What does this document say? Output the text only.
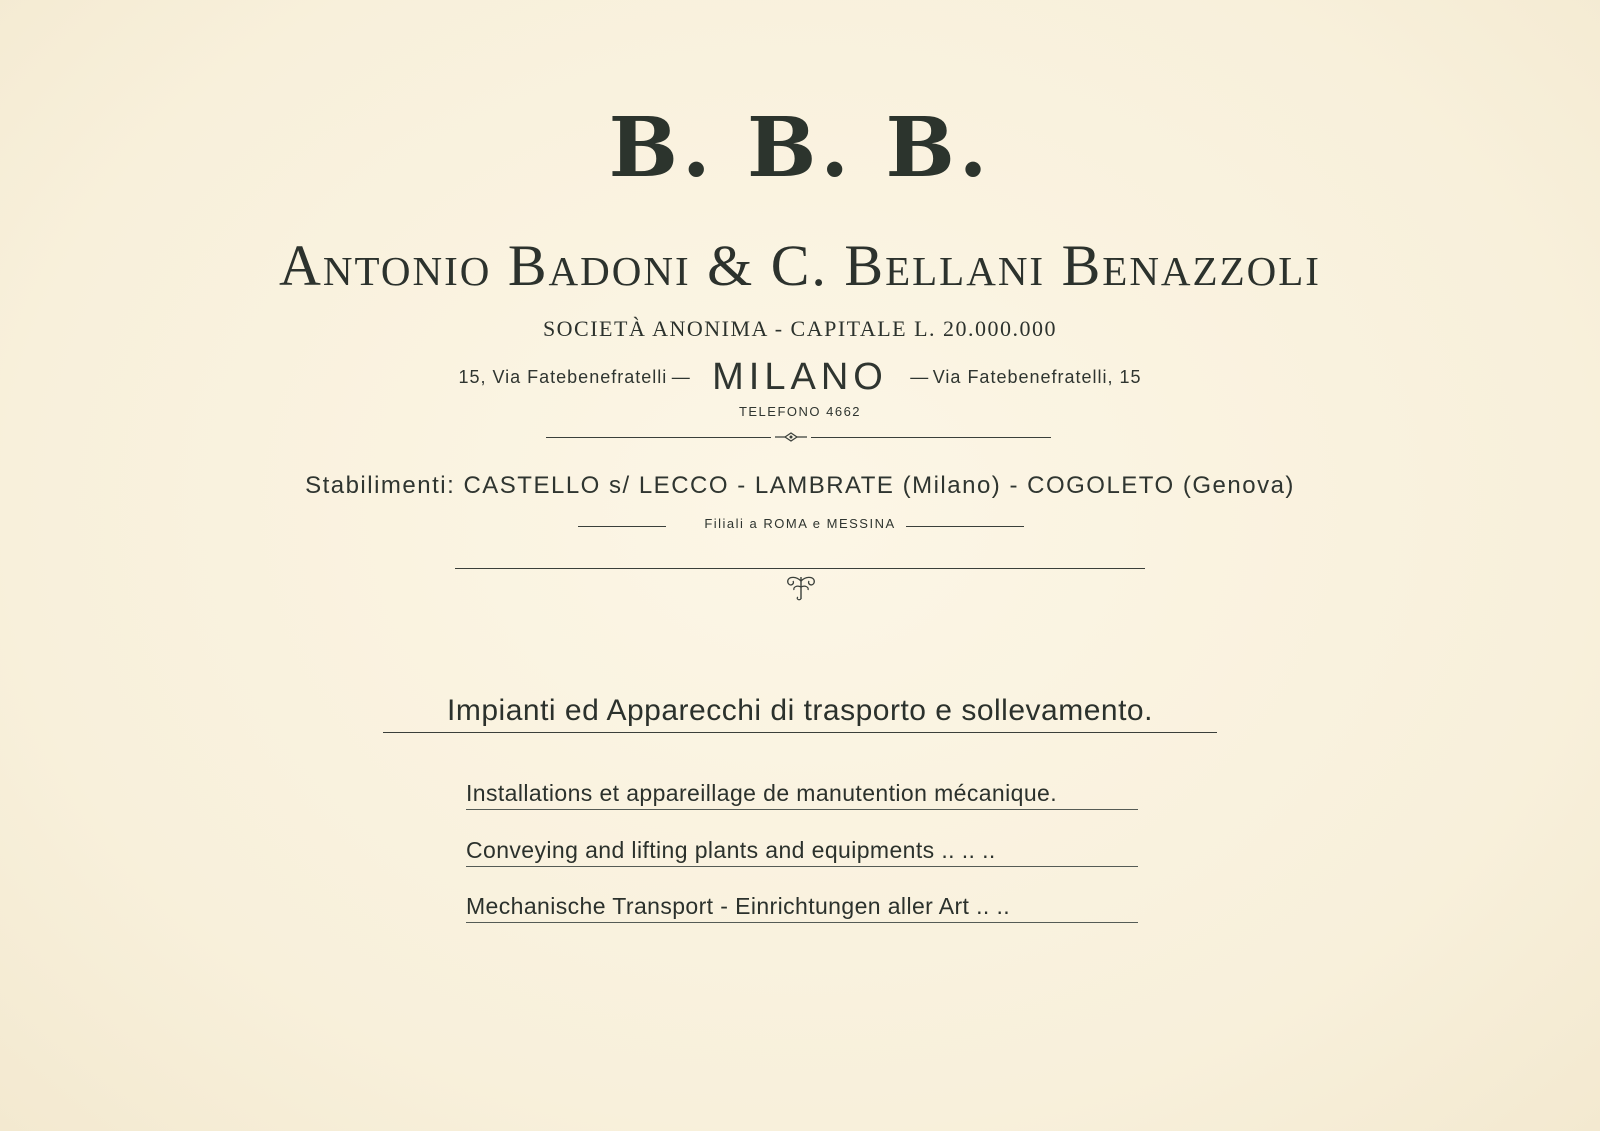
B. B. B.
Antonio Badoni & C. Bellani Benazzoli
SOCIETÀ ANONIMA - CAPITALE L. 20.000.000
15, Via Fatebenefratelli — MILANO — Via Fatebenefratelli, 15
TELEFONO 4662
Stabilimenti: CASTELLO s/ LECCO - LAMBRATE (Milano) - COGOLETO (Genova)
Filiali a ROMA e MESSINA
Impianti ed Apparecchi di trasporto e sollevamento.
Installations et appareillage de manutention mécanique.
Conveying and lifting plants and equipments .. .. ..
Mechanische Transport - Einrichtungen aller Art .. ..
